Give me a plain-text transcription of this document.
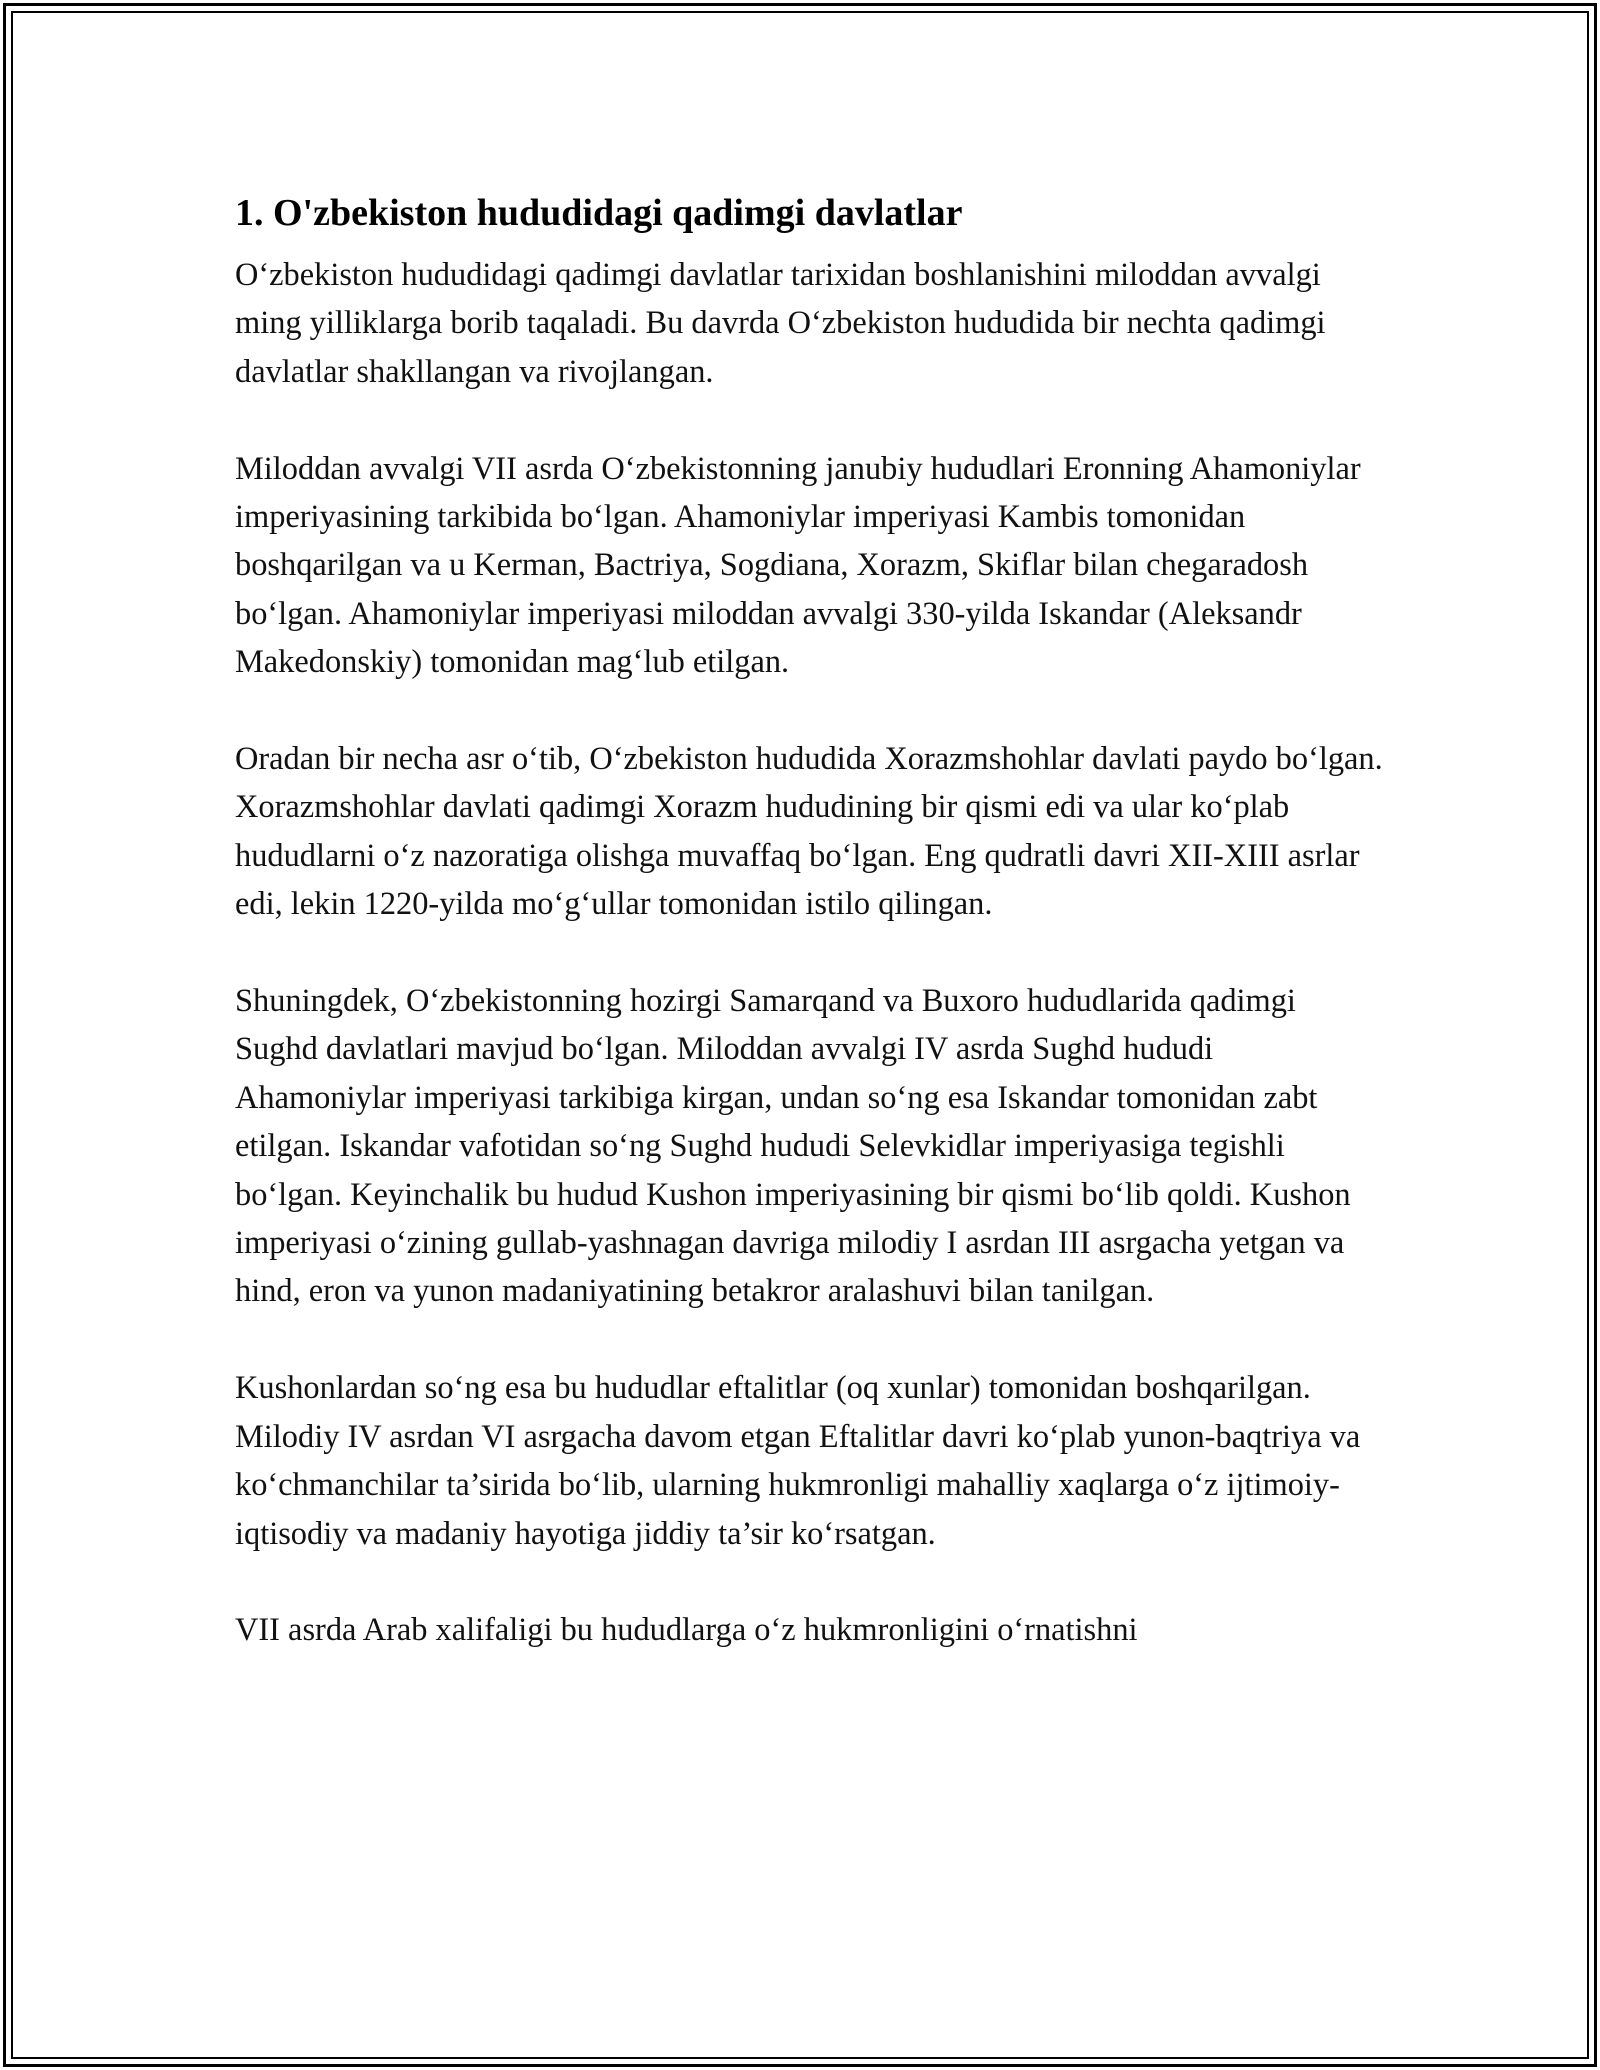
1. O'zbekiston hududidagi qadimgi davlatlar

O‘zbekiston hududidagi qadimgi davlatlar tarixidan boshlanishini miloddan avvalgi ming yilliklarga borib taqaladi. Bu davrda O‘zbekiston hududida bir nechta qadimgi davlatlar shakllangan va rivojlangan.

Miloddan avvalgi VII asrda O‘zbekistonning janubiy hududlari Eronning Ahamoniylar imperiyasining tarkibida bo‘lgan. Ahamoniylar imperiyasi Kambis tomonidan boshqarilgan va u Kerman, Bactriya, Sogdiana, Xorazm, Skiflar bilan chegaradosh bo‘lgan. Ahamoniylar imperiyasi miloddan avvalgi 330-yilda Iskandar (Aleksandr Makedonskiy) tomonidan mag‘lub etilgan.

Oradan bir necha asr o‘tib, O‘zbekiston hududida Xorazmshohlar davlati paydo bo‘lgan. Xorazmshohlar davlati qadimgi Xorazm hududining bir qismi edi va ular ko‘plab hududlarni o‘z nazoratiga olishga muvaffaq bo‘lgan. Eng qudratli davri XII-XIII asrlar edi, lekin 1220-yilda mo‘g‘ullar tomonidan istilo qilingan.

Shuningdek, O‘zbekistonning hozirgi Samarqand va Buxoro hududlarida qadimgi Sughd davlatlari mavjud bo‘lgan. Miloddan avvalgi IV asrda Sughd hududi Ahamoniylar imperiyasi tarkibiga kirgan, undan so‘ng esa Iskandar tomonidan zabt etilgan. Iskandar vafotidan so‘ng Sughd hududi Selevkidlar imperiyasiga tegishli bo‘lgan. Keyinchalik bu hudud Kushon imperiyasining bir qismi bo‘lib qoldi. Kushon imperiyasi o‘zining gullab-yashnagan davriga milodiy I asrdan III asrgacha yetgan va hind, eron va yunon madaniyatining betakror aralashuvi bilan tanilgan.

Kushonlardan so‘ng esa bu hududlar eftalitlar (oq xunlar) tomonidan boshqarilgan. Milodiy IV asrdan VI asrgacha davom etgan Eftalitlar davri ko‘plab yunon-baqtriya va ko‘chmanchilar ta’sirida bo‘lib, ularning hukmronligi mahalliy xaqlarga o‘z ijtimoiy-iqtisodiy va madaniy hayotiga jiddiy ta’sir ko‘rsatgan.

VII asrda Arab xalifaligi bu hududlarga o‘z hukmronligini o‘rnatishni
